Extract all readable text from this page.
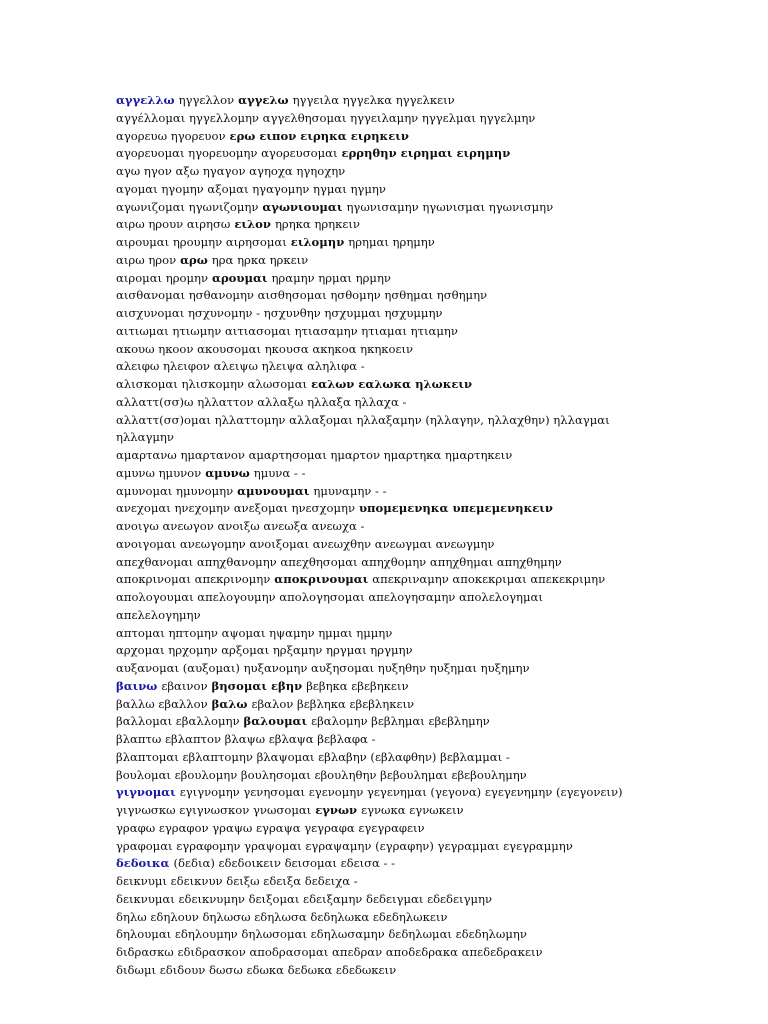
αγγελλω ηγγελλον αγγελω ηγγειλα ηγγελκα ηγγελκειν
αγγέλλομαι ηγγελλομην αγγελθησομαι ηγγειλαμην ηγγελμαι ηγγελμην
αγορευω ηγορευον ερω ειπον ειρηκα ειρηκειν
αγορευομαι ηγορευομην αγορευσομαι ερρηθην ειρημαι ειρημην
αγω ηγον αξω ηγαγον αγηοχα ηγηοχην
αγομαι ηγομην αξομαι ηγαγομην ηγμαι ηγμην
αγωνιζομαι ηγωνιζομην αγωνιουμαι ηγωνισαμην ηγωνισμαι ηγωνισμην
αιρω ηρουν αιρησω ειλον ηρηκα ηρηκειν
αιρουμαι ηρουμην αιρησομαι ειλομην ηρημαι ηρημην
αιρω ηρον αρω ηρα ηρκα ηρκειν
αιρομαι ηρομην αρουμαι ηραμην ηρμαι ηρμην
αισθανομαι ησθανομην αισθησομαι ησθομην ησθημαι ησθημην
αισχυνομαι ησχυνομην - ησχυνθην ησχυμμαι ησχυμμην
αιτιωμαι ητιωμην αιτιασομαι ητιασαμην ητιαμαι ητιαμην
ακουω ηκοον ακουσομαι ηκουσα ακηκοα ηκηκοειν
αλειφω ηλειφον αλειψω ηλειψα αληλιφα -
αλισκομαι ηλισκομην αλωσομαι εαλων εαλωκα ηλωκειν
αλλαττ(σσ)ω ηλλαττον αλλαξω ηλλαξα ηλλαχα -
αλλαττ(σσ)ομαι ηλλαττομην αλλαξομαι ηλλαξαμην (ηλλαγην, ηλλαχθην) ηλλαγμαι
ηλλαγμην
αμαρτανω ημαρτανον αμαρτησομαι ημαρτον ημαρτηκα ημαρτηκειν
αμυνω ημυνον αμυνω ημυνα - -
αμυνομαι ημυνομην αμυνουμαι ημυναμην - -
ανεχομαι ηνεχομην ανεξομαι ηνεσχομην υπομεμενηκα υπεμεμενηκειν
ανοιγω ανεωγον ανοιξω ανεωξα ανεωχα -
ανοιγομαι ανεωγομην ανοιξομαι ανεωχθην ανεωγμαι ανεωγμην
απεχθανομαι απηχθανομην απεχθησομαι απηχθομην απηχθημαι απηχθημην
αποκρινομαι απεκρινομην αποκρινουμαι απεκριναμην αποκεκριμαι απεκεκριμην
απολογουμαι απελογουμην απολογησομαι απελογησαμην απολελογημαι
απελελογημην
απτομαι ηπτομην αψομαι ηψαμην ημμαι ημμην
αρχομαι ηρχομην αρξομαι ηρξαμην ηργμαι ηργμην
αυξανομαι (αυξομαι) ηυξανομην αυξησομαι ηυξηθην ηυξημαι ηυξημην
βαινω εβαινον βησομαι εβην βεβηκα εβεβηκειν
βαλλω εβαλλον βαλω εβαλον βεβληκα εβεβληκειν
βαλλομαι εβαλλομην βαλουμαι εβαλομην βεβλημαι εβεβλημην
βλαπτω εβλαπτον βλαψω εβλαψα βεβλαφα -
βλαπτομαι εβλαπτομην βλαψομαι εβλαβην (εβλαφθην) βεβλαμμαι -
βουλομαι εβουλομην βουλησομαι εβουληθην βεβουλημαι εβεβουλημην
γιγνομαι εγιγνομην γενησομαι εγενομην γεγενημαι (γεγονα) εγεγενημην (εγεγονειν)
γιγνωσκω εγιγνωσκον γνωσομαι εγνων εγνωκα εγνωκειν
γραφω εγραφον γραψω εγραψα γεγραφα εγεγραφειν
γραφομαι εγραφομην γραψομαι εγραψαμην (εγραφην) γεγραμμαι εγεγραμμην
δεδοικα (δεδια) εδεδοικειν δεισομαι εδεισα - -
δεικνυμι εδεικνυν δειξω εδειξα δεδειχα -
δεικνυμαι εδεικνυμην δειξομαι εδειξαμην δεδειγμαι εδεδειγμην
δηλω εδηλουν δηλωσω εδηλωσα δεδηλωκα εδεδηλωκειν
δηλουμαι εδηλουμην δηλωσομαι εδηλωσαμην δεδηλωμαι εδεδηλωμην
διδρασκω εδιδρασκον αποδρασομαι απεδραν αποδεδρακα απεδεδρακειν
διδωμι εδιδουν δωσω εδωκα δεδωκα εδεδωκειν
